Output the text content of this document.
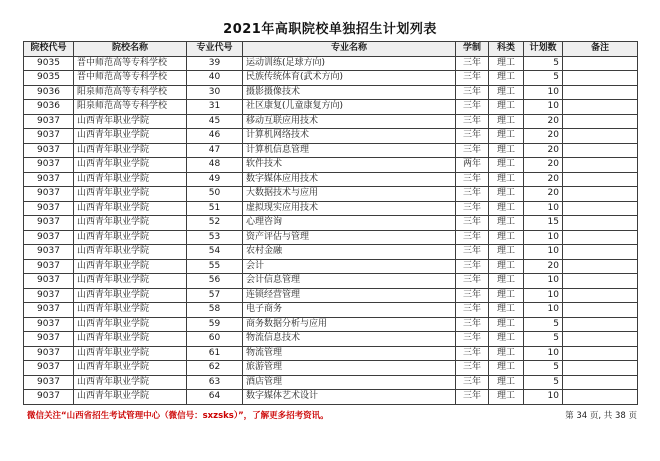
2021年高职院校单独招生计划列表
院校代号	院校名称	专业代号	专业名称	学制	科类	计划数	备注
9035	晋中师范高等专科学校	39	运动训练(足球方向)	三年	理工	5	
9035	晋中师范高等专科学校	40	民族传统体育(武术方向)	三年	理工	5	
9036	阳泉师范高等专科学校	30	摄影摄像技术	三年	理工	10	
9036	阳泉师范高等专科学校	31	社区康复(儿童康复方向)	三年	理工	10	
9037	山西青年职业学院	45	移动互联应用技术	三年	理工	20	
9037	山西青年职业学院	46	计算机网络技术	三年	理工	20	
9037	山西青年职业学院	47	计算机信息管理	三年	理工	20	
9037	山西青年职业学院	48	软件技术	两年	理工	20	
9037	山西青年职业学院	49	数字媒体应用技术	三年	理工	20	
9037	山西青年职业学院	50	大数据技术与应用	三年	理工	20	
9037	山西青年职业学院	51	虚拟现实应用技术	三年	理工	10	
9037	山西青年职业学院	52	心理咨询	三年	理工	15	
9037	山西青年职业学院	53	资产评估与管理	三年	理工	10	
9037	山西青年职业学院	54	农村金融	三年	理工	10	
9037	山西青年职业学院	55	会计	三年	理工	20	
9037	山西青年职业学院	56	会计信息管理	三年	理工	10	
9037	山西青年职业学院	57	连锁经营管理	三年	理工	10	
9037	山西青年职业学院	58	电子商务	三年	理工	10	
9037	山西青年职业学院	59	商务数据分析与应用	三年	理工	5	
9037	山西青年职业学院	60	物流信息技术	三年	理工	5	
9037	山西青年职业学院	61	物流管理	三年	理工	10	
9037	山西青年职业学院	62	旅游管理	三年	理工	5	
9037	山西青年职业学院	63	酒店管理	三年	理工	5	
9037	山西青年职业学院	64	数字媒体艺术设计	三年	理工	10	
微信关注“山西省招生考试管理中心（微信号：sxzsks）”，了解更多招考资讯。	第 34 页, 共 38 页
